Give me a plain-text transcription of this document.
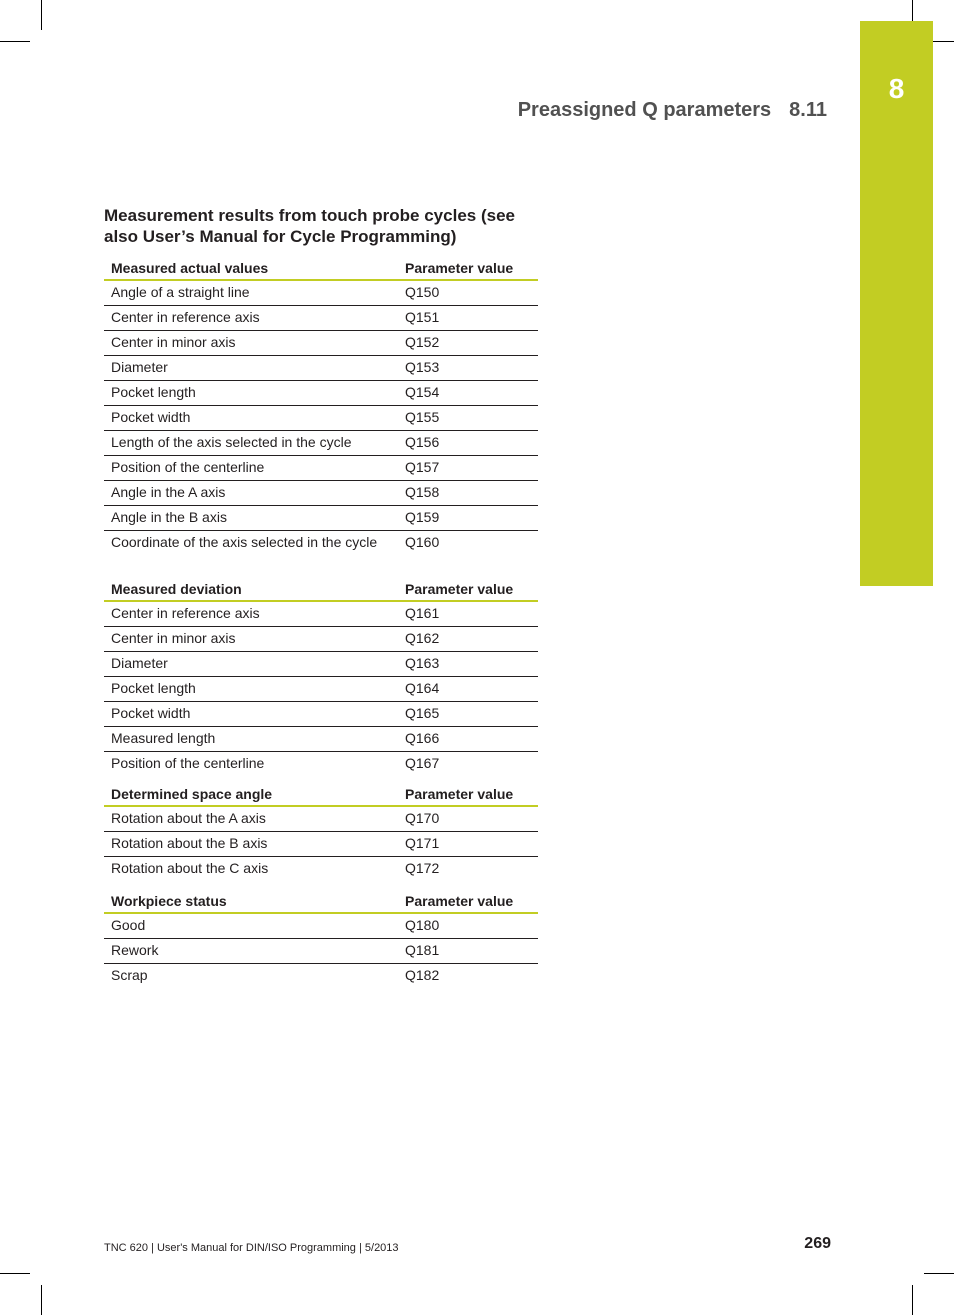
8
Preassigned Q parameters 8.11
Measurement results from touch probe cycles (see also User’s Manual for Cycle Programming)
Measured actual values	Parameter value
Angle of a straight line	Q150
Center in reference axis	Q151
Center in minor axis	Q152
Diameter	Q153
Pocket length	Q154
Pocket width	Q155
Length of the axis selected in the cycle	Q156
Position of the centerline	Q157
Angle in the A axis	Q158
Angle in the B axis	Q159
Coordinate of the axis selected in the cycle	Q160
Measured deviation	Parameter value
Center in reference axis	Q161
Center in minor axis	Q162
Diameter	Q163
Pocket length	Q164
Pocket width	Q165
Measured length	Q166
Position of the centerline	Q167
Determined space angle	Parameter value
Rotation about the A axis	Q170
Rotation about the B axis	Q171
Rotation about the C axis	Q172
Workpiece status	Parameter value
Good	Q180
Rework	Q181
Scrap	Q182
TNC 620 | User's Manual for DIN/ISO Programming | 5/2013	269
